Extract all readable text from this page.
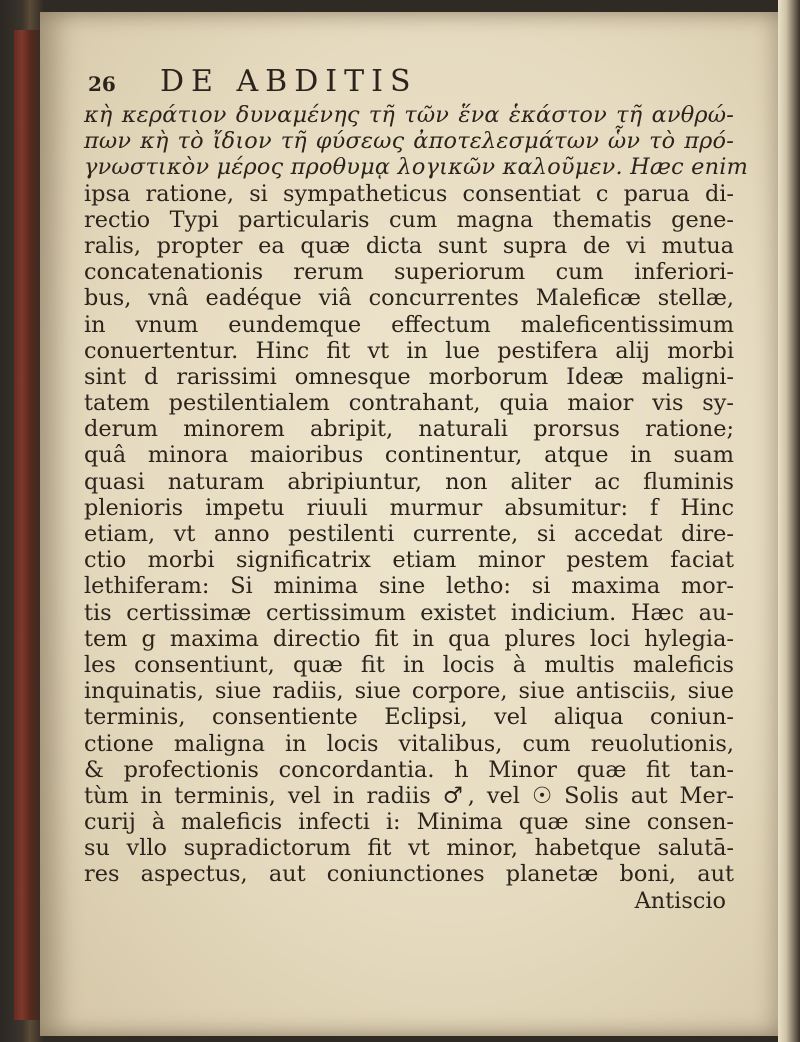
26	DE ABDITIS
κὴ κεράτιον δυναμένης τῆ τῶν ἕνα ἑκάστον τῆ ανθρώ-
πων κὴ τὸ ἴδιον τῆ φύσεως ἀποτελεσμάτων ὧν τὸ πρό-
γνωστικὸν μέρος προθυμᾳ λογικῶν καλοῦμεν. Hæc enim
ipsa ratione, si sympatheticus consentiat c parua di-
rectio Typi particularis cum magna thematis gene-
ralis, propter ea quæ dicta sunt supra de vi mutua
concatenationis rerum superiorum cum inferiori-
bus, vnâ eadéque viâ concurrentes Maleficæ stellæ,
in vnum eundemque effectum maleficentissimum
conuertentur. Hinc fit vt in lue pestifera alij morbi
sint d rarissimi omnesque morborum Ideæ maligni-
tatem pestilentialem contrahant, quia maior vis sy-
derum minorem abripit, naturali prorsus ratione;
quâ minora maioribus continentur, atque in suam
quasi naturam abripiuntur, non aliter ac fluminis
plenioris impetu riuuli murmur absumitur: f Hinc
etiam, vt anno pestilenti currente, si accedat dire-
ctio morbi significatrix etiam minor pestem faciat
lethiferam: Si minima sine letho: si maxima mor-
tis certissimæ certissimum existet indicium. Hæc au-
tem g maxima directio fit in qua plures loci hylegia-
les consentiunt, quæ fit in locis à multis maleficis
inquinatis, siue radiis, siue corpore, siue antisciis, siue
terminis, consentiente Eclipsi, vel aliqua coniun-
ctione maligna in locis vitalibus, cum reuolutionis,
& profectionis concordantia. h Minor quæ fit tan-
tùm in terminis, vel in radiis ♂, vel ☉ Solis aut Mer-
curij à maleficis infecti i: Minima quæ sine consen-
su vllo supradictorum fit vt minor, habetque salutā-
res aspectus, aut coniunctiones planetæ boni, aut
Antiscio
